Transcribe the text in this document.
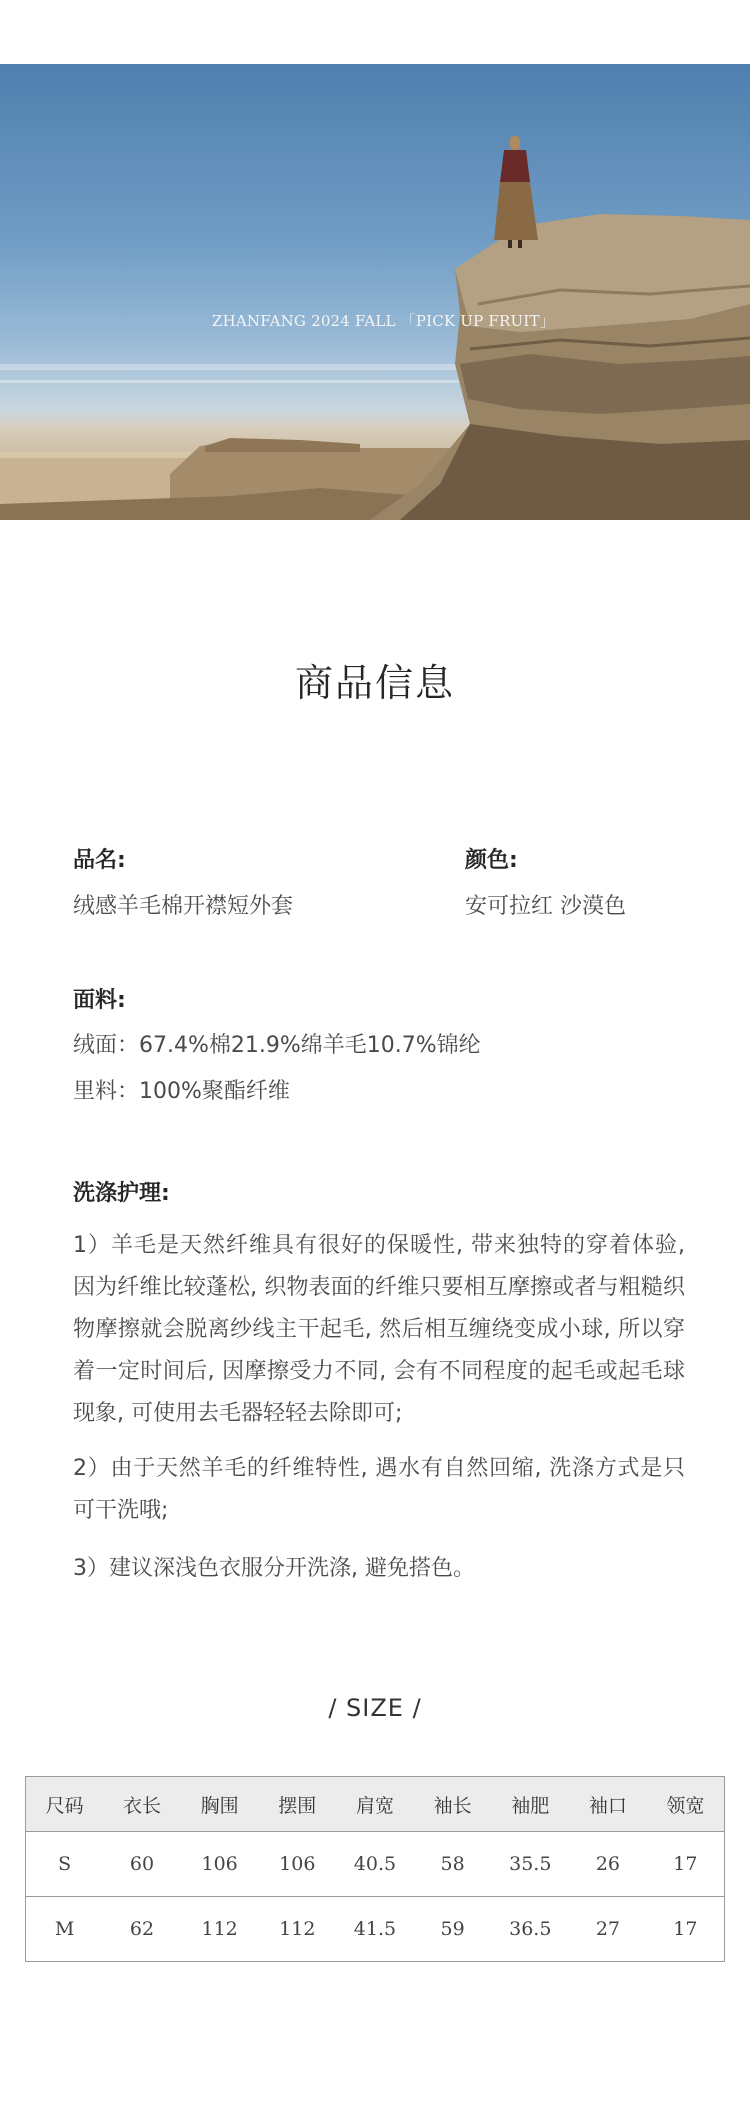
ZHANFANG 2024 FALL 「PICK UP FRUIT」
商品信息
品名:
绒感羊毛棉开襟短外套
颜色:
安可拉红 沙漠色
面料:
绒面：67.4%棉21.9%绵羊毛10.7%锦纶
里料：100%聚酯纤维
洗涤护理:
1）羊毛是天然纤维具有很好的保暖性, 带来独特的穿着体验, 因为纤维比较蓬松, 织物表面的纤维只要相互摩擦或者与粗糙织物摩擦就会脱离纱线主干起毛, 然后相互缠绕变成小球, 所以穿着一定时间后, 因摩擦受力不同, 会有不同程度的起毛或起毛球现象, 可使用去毛器轻轻去除即可;
2）由于天然羊毛的纤维特性, 遇水有自然回缩, 洗涤方式是只可干洗哦;
3）建议深浅色衣服分开洗涤, 避免搭色。
/ SIZE /
尺码	衣长	胸围	摆围	肩宽	袖长	袖肥	袖口	领宽
S	60	106	106	40.5	58	35.5	26	17
M	62	112	112	41.5	59	36.5	27	17
